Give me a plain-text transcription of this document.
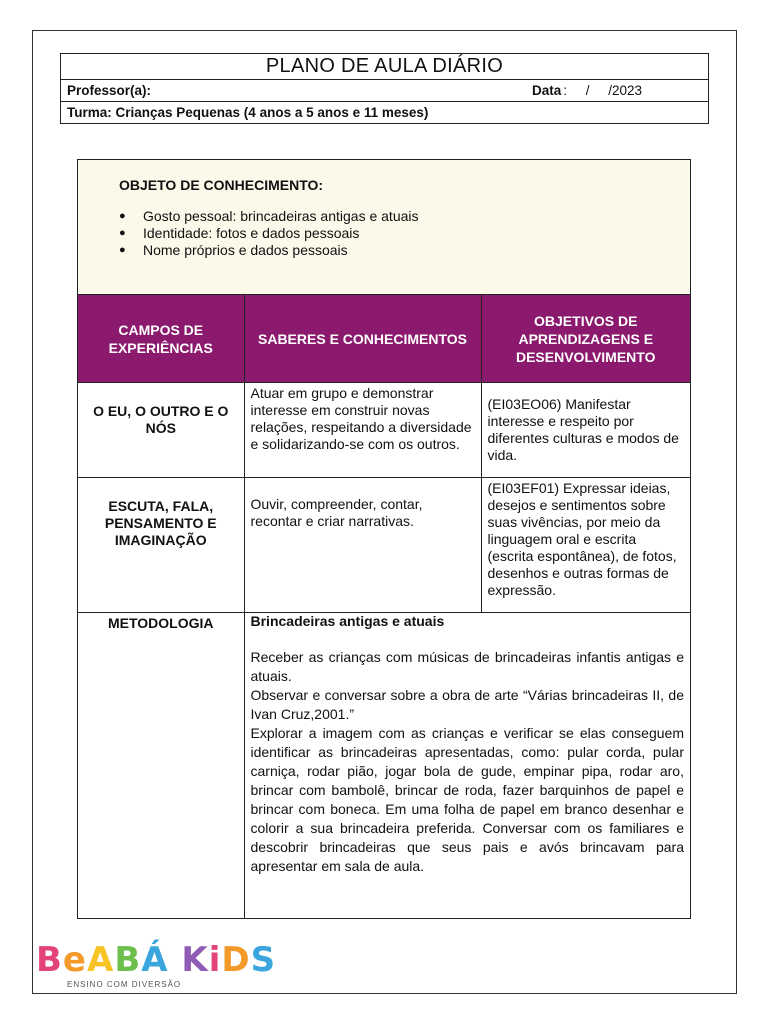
PLANO DE AULA DIÁRIO
Professor(a):	Data :     /     /2023
Turma: Crianças Pequenas (4 anos a 5 anos e 11 meses)
OBJETO DE CONHECIMENTO:
● Gosto pessoal: brincadeiras antigas e atuais
● Identidade: fotos e dados pessoais
● Nome próprios e dados pessoais
CAMPOS DE EXPERIÊNCIAS	SABERES E CONHECIMENTOS	OBJETIVOS DE APRENDIZAGENS E DESENVOLVIMENTO
O EU, O OUTRO E O NÓS	Atuar em grupo e demonstrar interesse em construir novas relações, respeitando a diversidade e solidarizando-se com os outros.	(EI03EO06) Manifestar interesse e respeito por diferentes culturas e modos de vida.
ESCUTA, FALA, PENSAMENTO E IMAGINAÇÃO	Ouvir, compreender, contar, recontar e criar narrativas.	(EI03EF01) Expressar ideias, desejos e sentimentos sobre suas vivências, por meio da linguagem oral e escrita (escrita espontânea), de fotos, desenhos e outras formas de expressão.
METODOLOGIA	Brincadeiras antigas e atuais
Receber as crianças com músicas de brincadeiras infantis antigas e atuais.
Observar e conversar sobre a obra de arte “Várias brincadeiras II, de Ivan Cruz,2001.”
Explorar a imagem com as crianças e verificar se elas conseguem identificar as brincadeiras apresentadas, como: pular corda, pular carniça, rodar pião, jogar bola de gude, empinar pipa, rodar aro, brincar com bambolê, brincar de roda, fazer barquinhos de papel e brincar com boneca. Em uma folha de papel em branco desenhar e colorir a sua brincadeira preferida. Conversar com os familiares e descobrir brincadeiras que seus pais e avós brincavam para apresentar em sala de aula.	
BeABÁ KiDS
ENSINO COM DIVERSÃO
